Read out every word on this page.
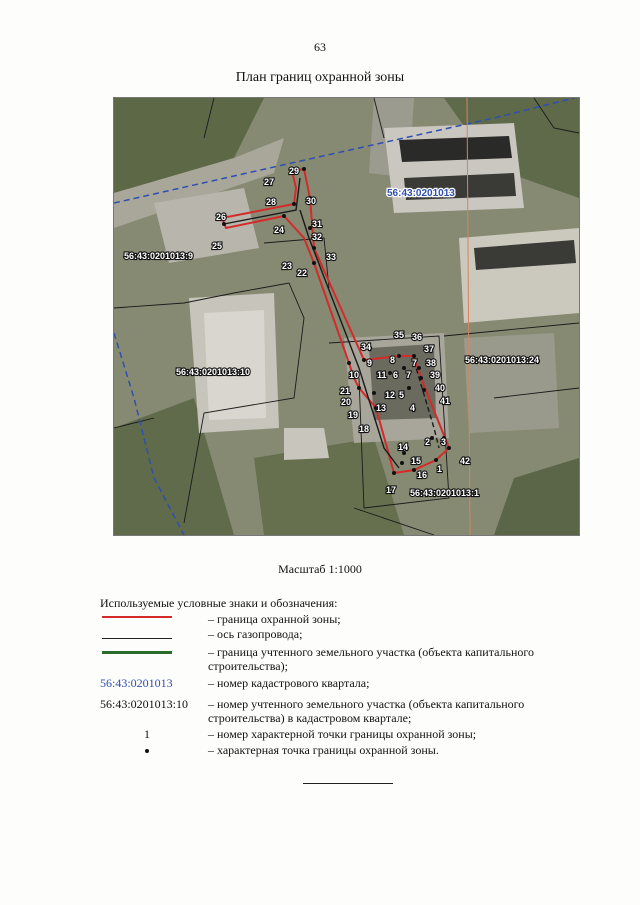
63
План границ охранной зоны
26
25
24
27
28
29
30
31
32
23
22
33
34
35 36
37
9 8 7 38
10 11 6 7 39
21	12 5
40
20
13	4
41
19
18
14 2 3
15	42
16
1
17
56:43:0201013
56:43:0201013:9
56:43:0201013:10
56:43:0201013:24
56:43:0201013:1
Масштаб 1:1000
Используемые условные знаки и обозначения:
– граница охранной зоны;
– ось газопровода;
– граница учтенного земельного участка (объекта капитального строительства);
56:43:0201013	– номер кадастрового квартала;
56:43:0201013:10 – номер учтенного земельного участка (объекта капитального строительства) в кадастровом квартале;
1	– номер характерной точки границы охранной зоны;
– характерная точка границы охранной зоны.
